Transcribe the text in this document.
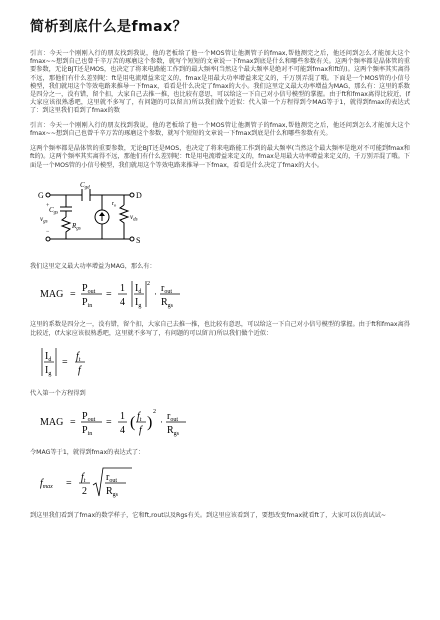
简析到底什么是fmax？

引言：今天一个刚刚入行的朋友找到我说，他的老板给了他一个MOS管让他测管子的fmax,帮他测完之后，他还问到怎么才能加大这个fmax~~想到自己也曾千辛万苦的琢磨这个参数，就写个短短的文章说一下fmax到底是什么和哪些参数有关。这两个频率都是晶体管的重要参数，无论BJT还是MOS，也决定了将来电路能工作到的最大频率(当然这个最大频率是绝对不可能到fmax和ft的)。这两个频率其实离得不远，那他们有什么差别呢：ft是用电流增益来定义的，fmax是用最大功率增益来定义的，千万别弄混了哦。下面是一个MOS管的小信号模型，我们就用这个等效电路来推导一下fmax，看看是什么决定了fmax的大小。我们这里定义最大功率增益为MAG，那么有：这里的系数是四分之一，没有错，留个扣，大家自己去推一推，也比较有意思，可以给这一下自己对小信号模型的掌握。由于ft和fmax离得比较近，(f大家应该很熟悉吧，这里就不多写了，有问题的可以留言)所以我们做个近似：代入第一个方程得到令MAG等于1，就得到fmax的表达式了：到这里我们看到了fmax的数

引言：今天一个刚刚入行的朋友找到我说，他的老板给了他一个MOS管让他测管子的fmax,帮他测完之后，他还问到怎么才能加大这个fmax~~想到自己也曾千辛万苦的琢磨这个参数，就写个短短的文章说一下fmax到底是什么和哪些参数有关。

这两个频率都是晶体管的重要参数，无论BJT还是MOS，也决定了将来电路能工作到的最大频率(当然这个最大频率是绝对不可能到fmax和ft的)。这两个频率其实离得不远，那他们有什么差别呢：ft是用电流增益来定义的，fmax是用最大功率增益来定义的，千万别弄混了哦。下面是一个MOS管的小信号模型，我们就用这个等效电路来推导一下fmax，看看是什么决定了fmax的大小。

G	D
S
$C_{gd}$
$C_{gs}$
$R_{gs}$
$v_{gs}$
$v_{ds}$
+
−
$r_o$

我们这里定义最大功率增益为MAG，那么有：

MAG =
$P_{out}$
$P_{in}$
=
1
4
$I_d$
$I_g$
2
· $r_{out}$
$R_{gs}$

这里的系数是四分之一，没有错，留个扣，大家自己去推一推，也比较有意思，可以给这一下自己对小信号模型的掌握。由于ft和fmax离得比较近，(f大家应该很熟悉吧，这里就不多写了，有问题的可以留言)所以我们做个近似：

$I_d$
$I_g$
=
$f_t$
f

代入第一个方程得到

MAG =
$P_{out}$
$P_{in}$
=
1
4 ( $f_t$
f )
2
· $r_{out}$
$R_{gs}$

令MAG等于1，就得到fmax的表达式了：

$f_{max}$ =
$f_t$
2
$r_{out}$
$R_{gs}$

到这里我们看到了fmax的数学样子，它和ft,rout以及Rgs有关。到这里应该看到了，要想改变fmax就看ft了，大家可以仿真试试~
